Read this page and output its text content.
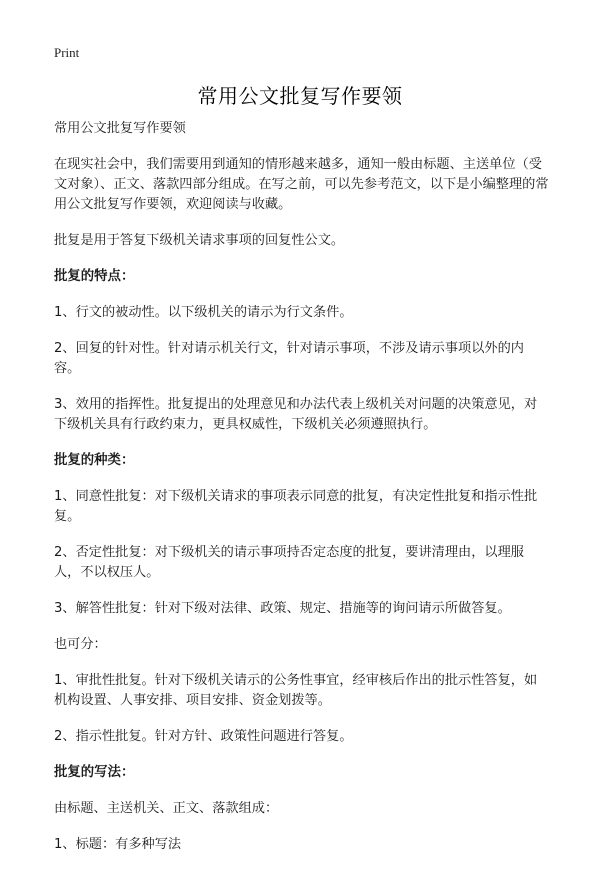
Print
常用公文批复写作要领

常用公文批复写作要领

在现实社会中，我们需要用到通知的情形越来越多，通知一般由标题、主送单位（受文对象）、正文、落款四部分组成。在写之前，可以先参考范文，以下是小编整理的常用公文批复写作要领，欢迎阅读与收藏。

批复是用于答复下级机关请求事项的回复性公文。

批复的特点：

1、行文的被动性。以下级机关的请示为行文条件。

2、回复的针对性。针对请示机关行文，针对请示事项，不涉及请示事项以外的内容。

3、效用的指挥性。批复提出的处理意见和办法代表上级机关对问题的决策意见，对下级机关具有行政约束力，更具权威性，下级机关必须遵照执行。

批复的种类：

1、同意性批复：对下级机关请求的事项表示同意的批复，有决定性批复和指示性批复。

2、否定性批复：对下级机关的请示事项持否定态度的批复，要讲清理由，以理服人，不以权压人。

3、解答性批复：针对下级对法律、政策、规定、措施等的询问请示所做答复。

也可分：

1、审批性批复。针对下级机关请示的公务性事宜，经审核后作出的批示性答复，如机构设置、人事安排、项目安排、资金划拨等。

2、指示性批复。针对方针、政策性问题进行答复。

批复的写法：

由标题、主送机关、正文、落款组成：

1、标题：有多种写法
